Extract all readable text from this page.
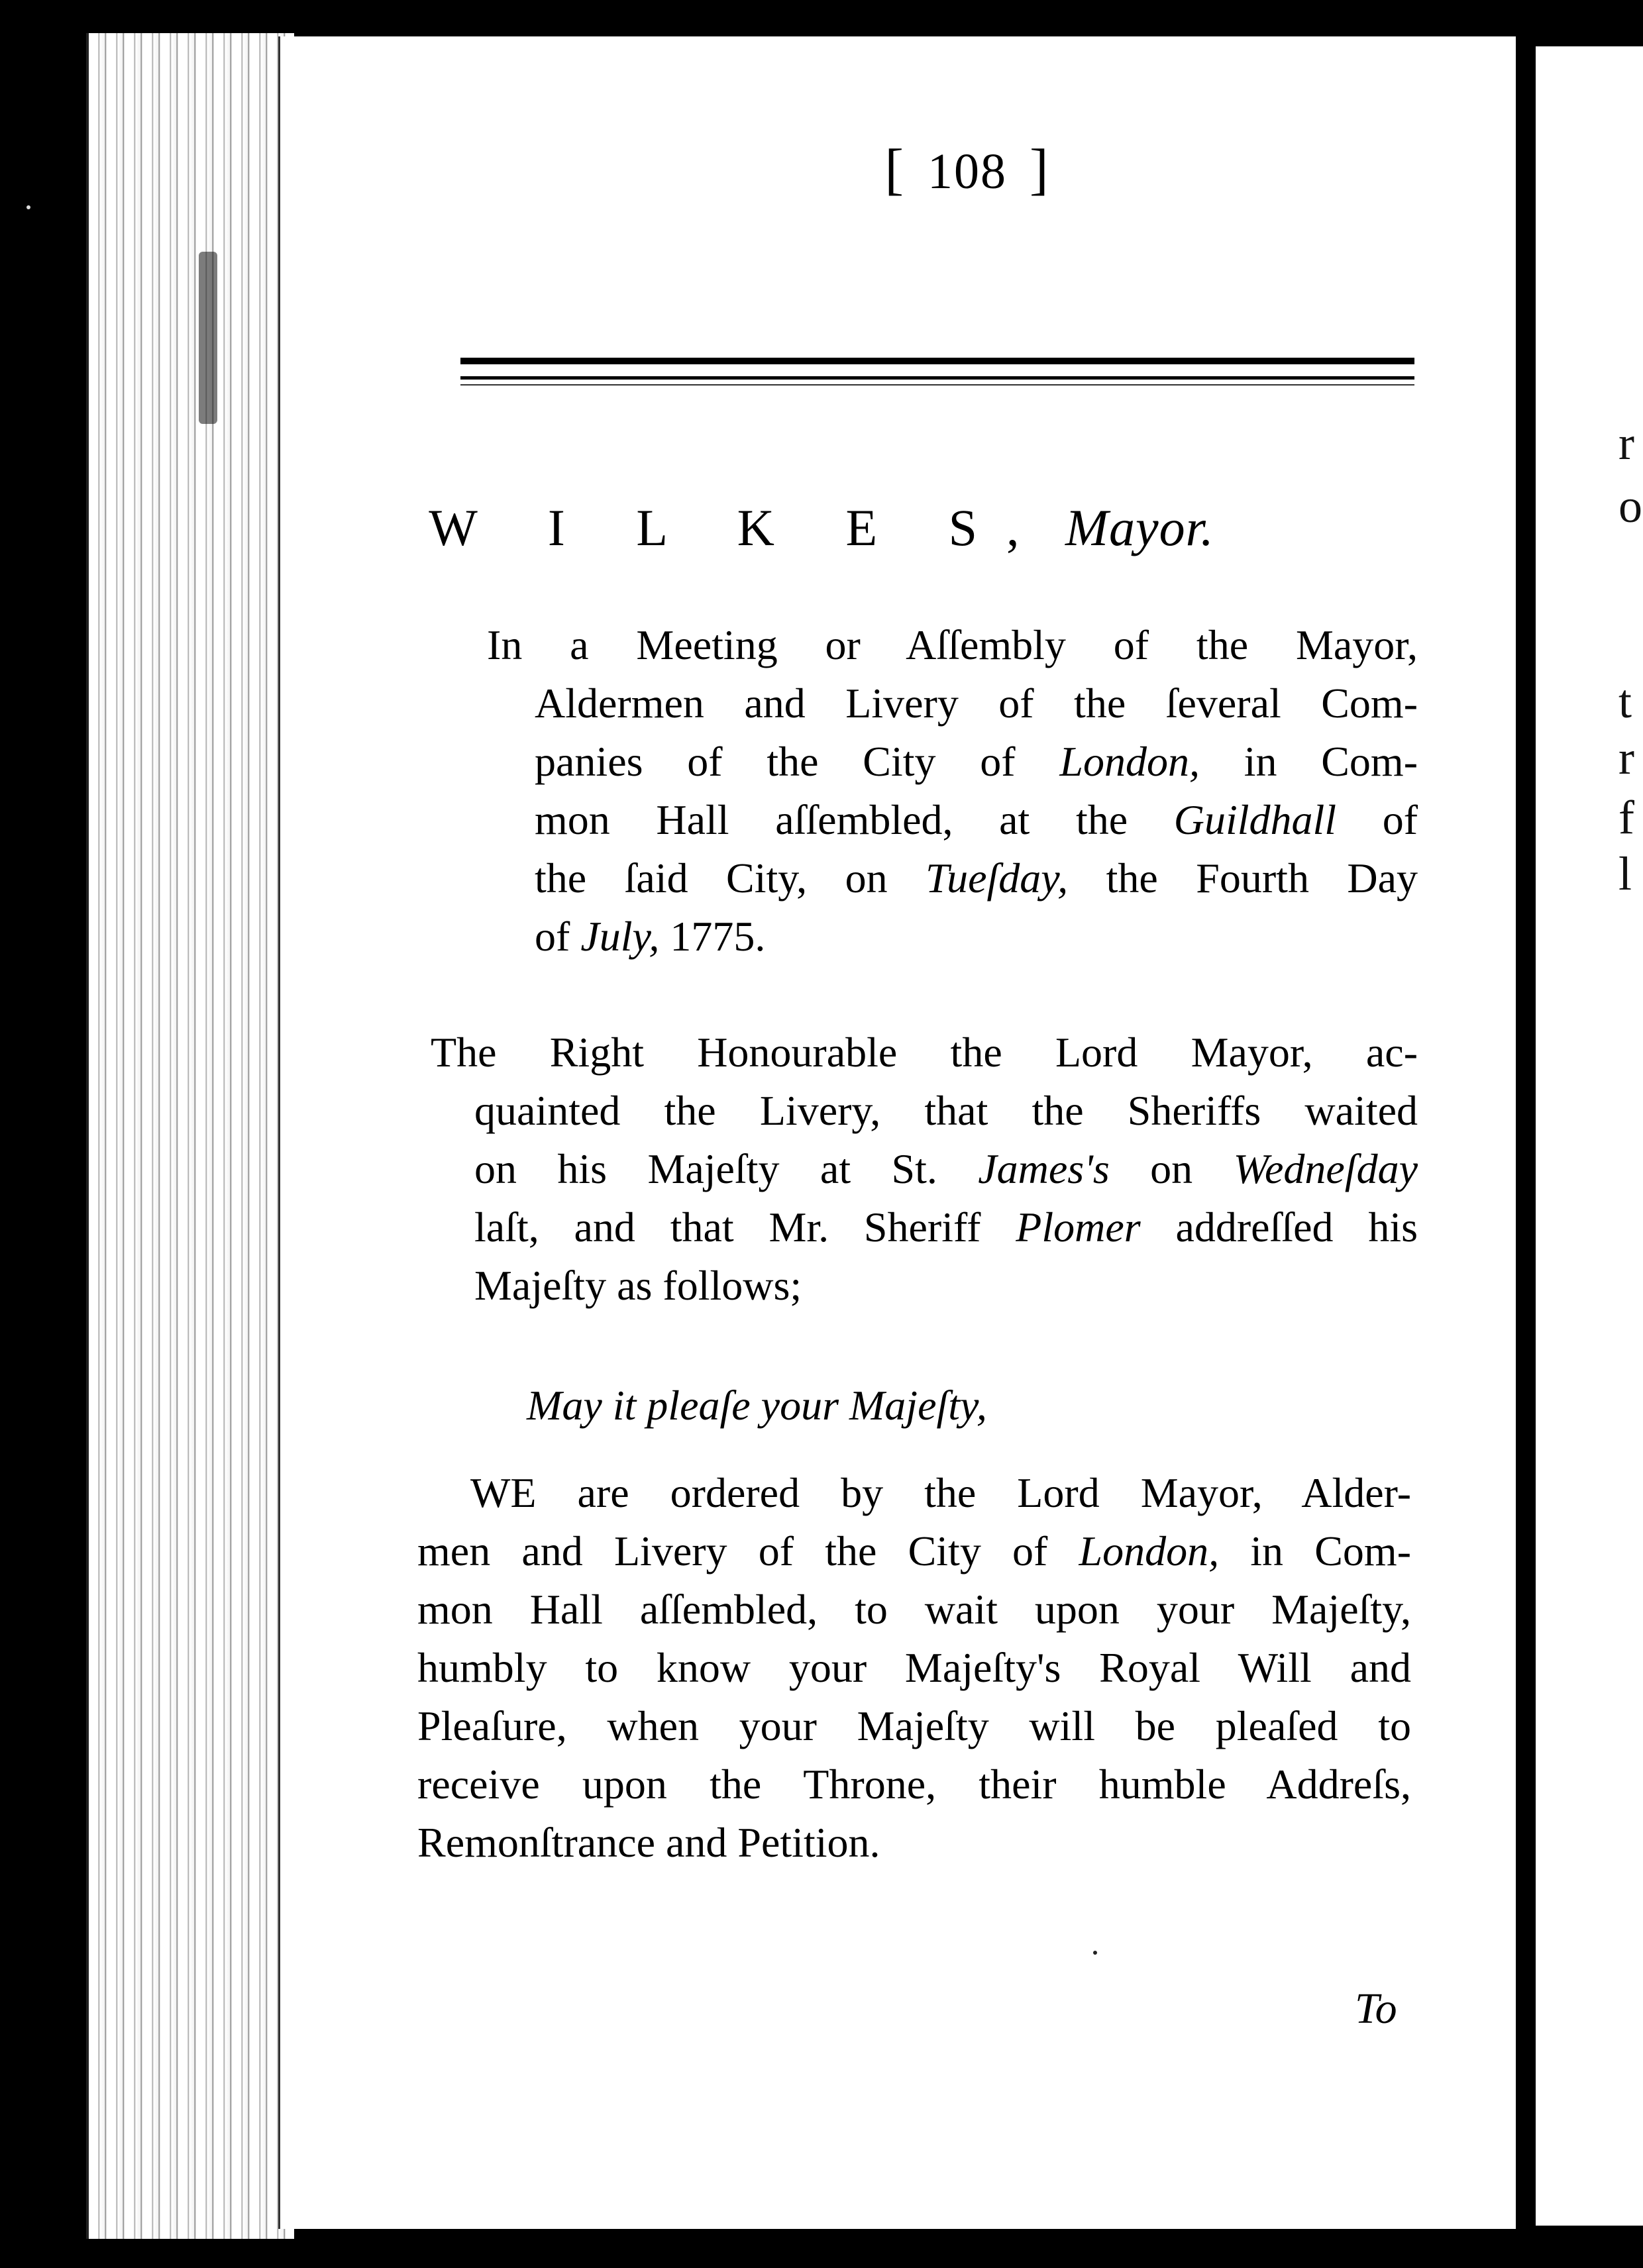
r
o
t
r
f
l
[ 108 ]
W I L K E S, Mayor.
In a Meeting or Aſſembly of the Mayor,
Aldermen and Livery of the ſeveral Com-
panies of the City of London, in Com-
mon Hall aſſembled, at the Guildhall of
the ſaid City, on Tueſday, the Fourth Day
of July, 1775.
The Right Honourable the Lord Mayor, ac-
quainted the Livery, that the Sheriffs waited
on his Majeſty at St. James's on Wedneſday
laſt, and that Mr. Sheriff Plomer addreſſed his
Majeſty as follows;
May it pleaſe your Majeſty,
WE are ordered by the Lord Mayor, Alder-
men and Livery of the City of London, in Com-
mon Hall aſſembled, to wait upon your Majeſty,
humbly to know your Majeſty's Royal Will and
Pleaſure, when your Majeſty will be pleaſed to
receive upon the Throne, their humble Addreſs,
Remonſtrance and Petition.
To
